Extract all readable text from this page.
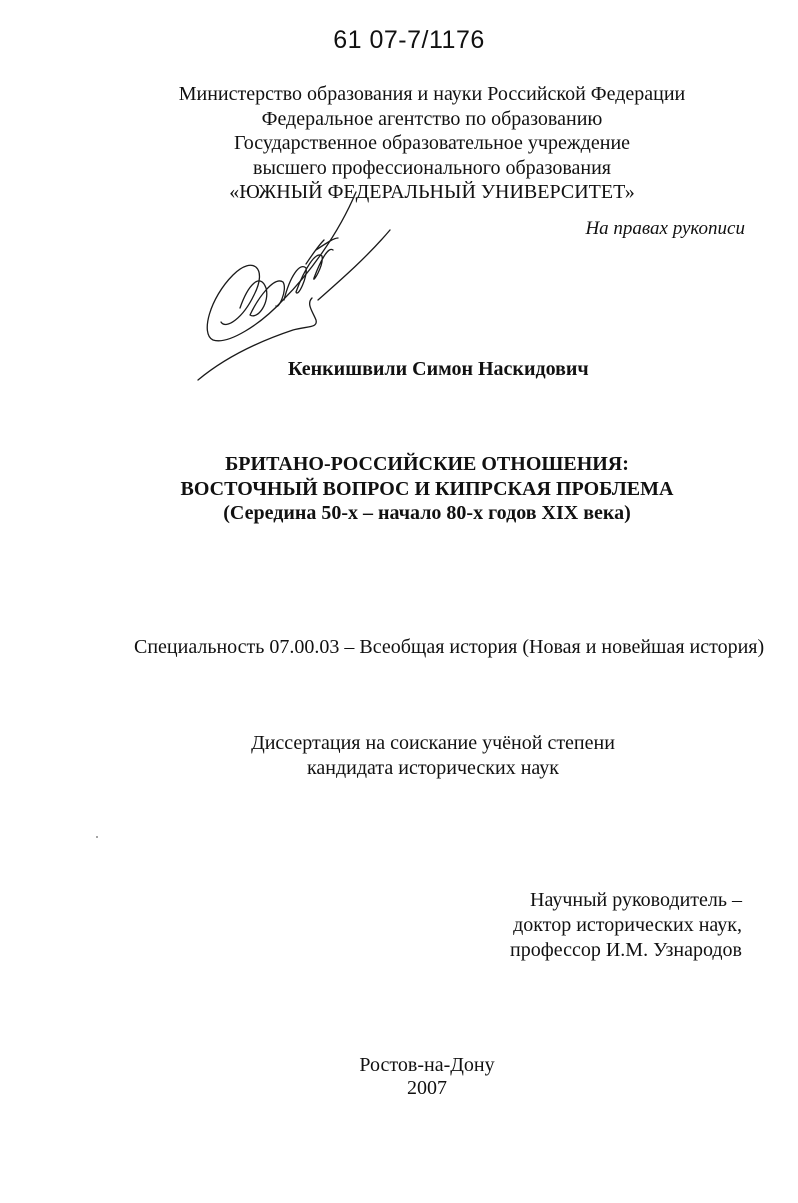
61 07-7/1176
Министерство образования и науки Российской Федерации
Федеральное агентство по образованию
Государственное образовательное учреждение
высшего профессионального образования
«ЮЖНЫЙ ФЕДЕРАЛЬНЫЙ УНИВЕРСИТЕТ»
На правах рукописи
Кенкишвили Симон Наскидович
БРИТАНО-РОССИЙСКИЕ ОТНОШЕНИЯ:
ВОСТОЧНЫЙ ВОПРОС И КИПРСКАЯ ПРОБЛЕМА
(Середина 50-х – начало 80-х годов XIX века)
Специальность 07.00.03 – Всеобщая история (Новая и новейшая история)
Диссертация на соискание учёной степени
кандидата исторических наук
Научный руководитель –
доктор исторических наук,
профессор И.М. Узнародов
Ростов-на-Дону
2007
